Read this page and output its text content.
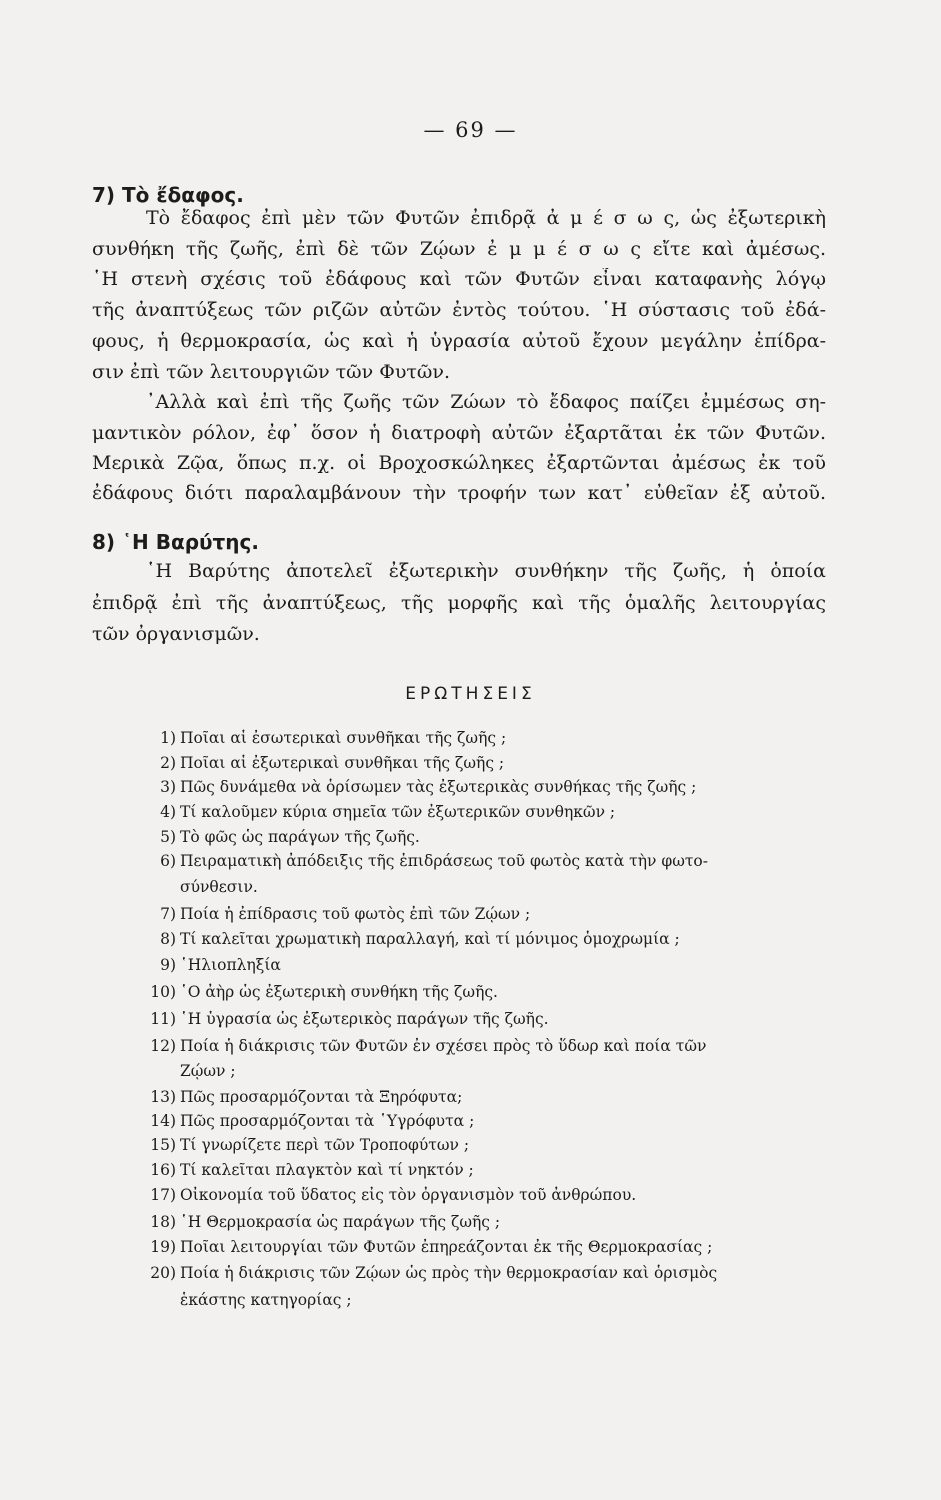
— 69 —
7) Τὸ ἔδαφος.
Τὸ ἔδαφος ἐπὶ μὲν τῶν Φυτῶν ἐπιδρᾷ ἀ μ έ σ ω ς, ὡς ἐξωτερικὴ
συνθήκη τῆς ζωῆς, ἐπὶ δὲ τῶν Ζῴων ἐ μ μ έ σ ω ς εἴτε καὶ ἀμέσως.
῾Η στενὴ σχέσις τοῦ ἐδάφους καὶ τῶν Φυτῶν εἶναι καταφανὴς λόγῳ
τῆς ἀναπτύξεως τῶν ριζῶν αὐτῶν ἐντὸς τούτου. ῾Η σύστασις τοῦ ἐδά-
φους, ἡ θερμοκρασία, ὡς καὶ ἡ ὑγρασία αὐτοῦ ἔχουν μεγάλην ἐπίδρα-
σιν ἐπὶ τῶν λειτουργιῶν τῶν Φυτῶν.
᾿Αλλὰ καὶ ἐπὶ τῆς ζωῆς τῶν Ζώων τὸ ἔδαφος παίζει ἐμμέσως ση-
μαντικὸν ρόλον, ἐφ᾿ ὅσον ἡ διατροφὴ αὐτῶν ἐξαρτᾶται ἐκ τῶν Φυτῶν.
Μερικὰ Ζῷα, ὅπως π.χ. οἱ Βροχοσκώληκες ἐξαρτῶνται ἀμέσως ἐκ τοῦ
ἐδάφους διότι παραλαμβάνουν τὴν τροφήν των κατ᾿ εὐθεῖαν ἐξ αὐτοῦ.
8) ῾Η Βαρύτης.
῾Η Βαρύτης ἀποτελεῖ ἐξωτερικὴν συνθήκην τῆς ζωῆς, ἡ ὁποία
ἐπιδρᾷ ἐπὶ τῆς ἀναπτύξεως, τῆς μορφῆς καὶ τῆς ὁμαλῆς λειτουργίας
τῶν ὀργανισμῶν.
ΕΡΩΤΗΣΕΙΣ
1) Ποῖαι αἱ ἐσωτερικαὶ συνθῆκαι τῆς ζωῆς ;
2) Ποῖαι αἱ ἐξωτερικαὶ συνθῆκαι τῆς ζωῆς ;
3) Πῶς δυνάμεθα νὰ ὁρίσωμεν τὰς ἐξωτερικὰς συνθήκας τῆς ζωῆς ;
4) Τί καλοῦμεν κύρια σημεῖα τῶν ἐξωτερικῶν συνθηκῶν ;
5) Τὸ φῶς ὡς παράγων τῆς ζωῆς.
6) Πειραματικὴ ἀπόδειξις τῆς ἐπιδράσεως τοῦ φωτὸς κατὰ τὴν φωτο-
σύνθεσιν.
7) Ποία ἡ ἐπίδρασις τοῦ φωτὸς ἐπὶ τῶν Ζῴων ;
8) Τί καλεῖται χρωματικὴ παραλλαγή, καὶ τί μόνιμος ὁμοχρωμία ;
9) ῾Ηλιοπληξία
10) ῾Ο ἀὴρ ὡς ἐξωτερικὴ συνθήκη τῆς ζωῆς.
11) ῾Η ὑγρασία ὡς ἐξωτερικὸς παράγων τῆς ζωῆς.
12) Ποία ἡ διάκρισις τῶν Φυτῶν ἐν σχέσει πρὸς τὸ ὕδωρ καὶ ποία τῶν
Ζῴων ;
13) Πῶς προσαρμόζονται τὰ Ξηρόφυτα;
14) Πῶς προσαρμόζονται τὰ ῾Υγρόφυτα ;
15) Τί γνωρίζετε περὶ τῶν Τροποφύτων ;
16) Τί καλεῖται πλαγκτὸν καὶ τί νηκτόν ;
17) Οἰκονομία τοῦ ὕδατος εἰς τὸν ὀργανισμὸν τοῦ ἀνθρώπου.
18) ῾Η Θερμοκρασία ὡς παράγων τῆς ζωῆς ;
19) Ποῖαι λειτουργίαι τῶν Φυτῶν ἐπηρεάζονται ἐκ τῆς Θερμοκρασίας ;
20) Ποία ἡ διάκρισις τῶν Ζῴων ὡς πρὸς τὴν θερμοκρασίαν καὶ ὁρισμὸς
ἑκάστης κατηγορίας ;
